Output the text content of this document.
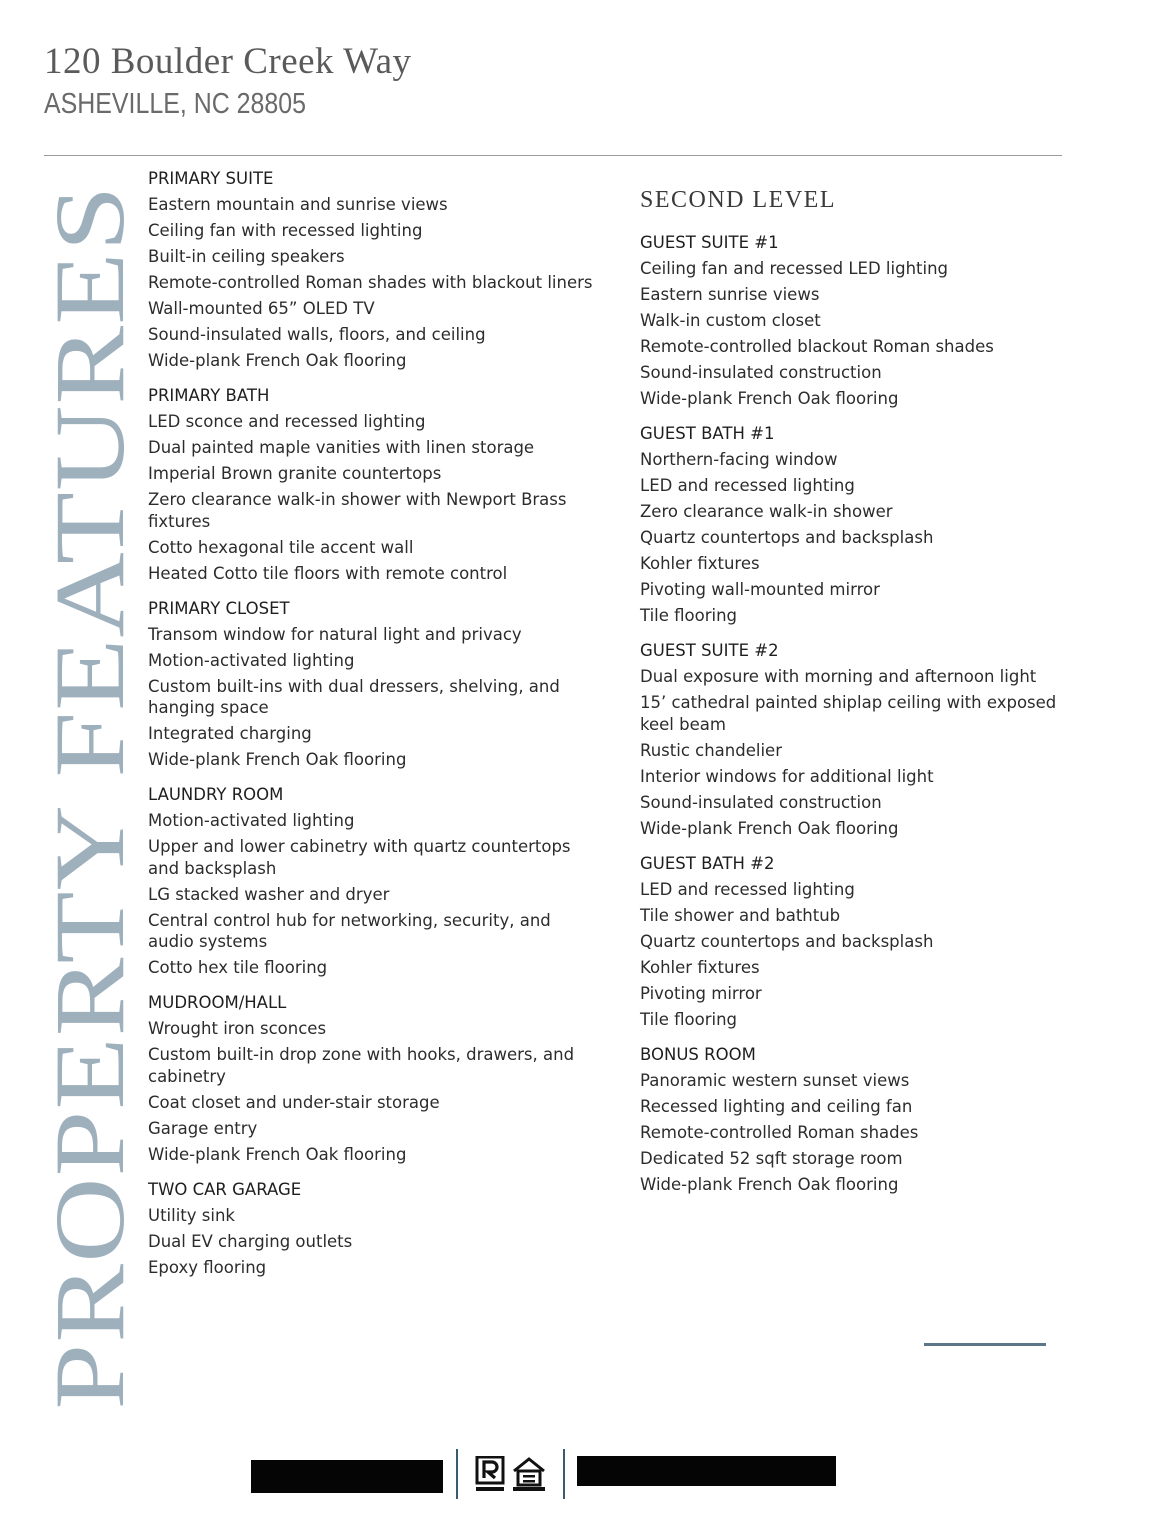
120 Boulder Creek Way
ASHEVILLE, NC 28805
PROPERTY FEATURES
PRIMARY SUITE
Eastern mountain and sunrise views
Ceiling fan with recessed lighting
Built-in ceiling speakers
Remote-controlled Roman shades with blackout liners
Wall-mounted 65” OLED TV
Sound-insulated walls, floors, and ceiling
Wide-plank French Oak flooring
PRIMARY BATH
LED sconce and recessed lighting
Dual painted maple vanities with linen storage
Imperial Brown granite countertops
Zero clearance walk-in shower with Newport Brass fixtures
Cotto hexagonal tile accent wall
Heated Cotto tile floors with remote control
PRIMARY CLOSET
Transom window for natural light and privacy
Motion-activated lighting
Custom built-ins with dual dressers, shelving, and hanging space
Integrated charging
Wide-plank French Oak flooring
LAUNDRY ROOM
Motion-activated lighting
Upper and lower cabinetry with quartz countertops and backsplash
LG stacked washer and dryer
Central control hub for networking, security, and audio systems
Cotto hex tile flooring
MUDROOM/HALL
Wrought iron sconces
Custom built-in drop zone with hooks, drawers, and cabinetry
Coat closet and under-stair storage
Garage entry
Wide-plank French Oak flooring
TWO CAR GARAGE
Utility sink
Dual EV charging outlets
Epoxy flooring
SECOND LEVEL
GUEST SUITE #1
Ceiling fan and recessed LED lighting
Eastern sunrise views
Walk-in custom closet
Remote-controlled blackout Roman shades
Sound-insulated construction
Wide-plank French Oak flooring
GUEST BATH #1
Northern-facing window
LED and recessed lighting
Zero clearance walk-in shower
Quartz countertops and backsplash
Kohler fixtures
Pivoting wall-mounted mirror
Tile flooring
GUEST SUITE #2
Dual exposure with morning and afternoon light
15’ cathedral painted shiplap ceiling with exposed keel beam
Rustic chandelier
Interior windows for additional light
Sound-insulated construction
Wide-plank French Oak flooring
GUEST BATH #2
LED and recessed lighting
Tile shower and bathtub
Quartz countertops and backsplash
Kohler fixtures
Pivoting mirror
Tile flooring
BONUS ROOM
Panoramic western sunset views
Recessed lighting and ceiling fan
Remote-controlled Roman shades
Dedicated 52 sqft storage room
Wide-plank French Oak flooring
